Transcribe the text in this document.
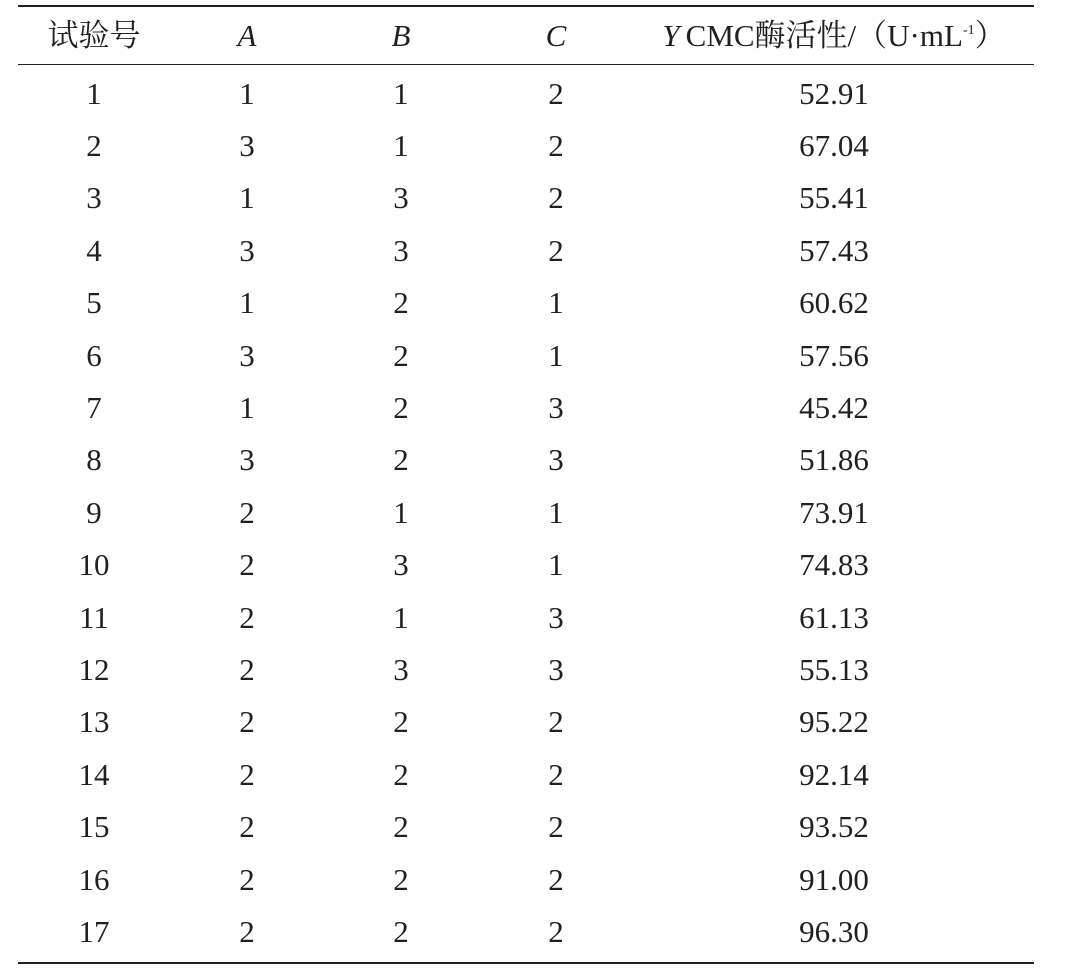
试验号	A	B	C	Y CMC酶活性$/(U\cdot mL^{-1})$
1	1	1	2	52.91
2	3	1	2	67.04
3	1	3	2	55.41
4	3	3	2	57.43
5	1	2	1	60.62
6	3	2	1	57.56
7	1	2	3	45.42
8	3	2	3	51.86
9	2	1	1	73.91
10	2	3	1	74.83
11	2	1	3	61.13
12	2	3	3	55.13
13	2	2	2	95.22
14	2	2	2	92.14
15	2	2	2	93.52
16	2	2	2	91.00
17	2	2	2	96.30
